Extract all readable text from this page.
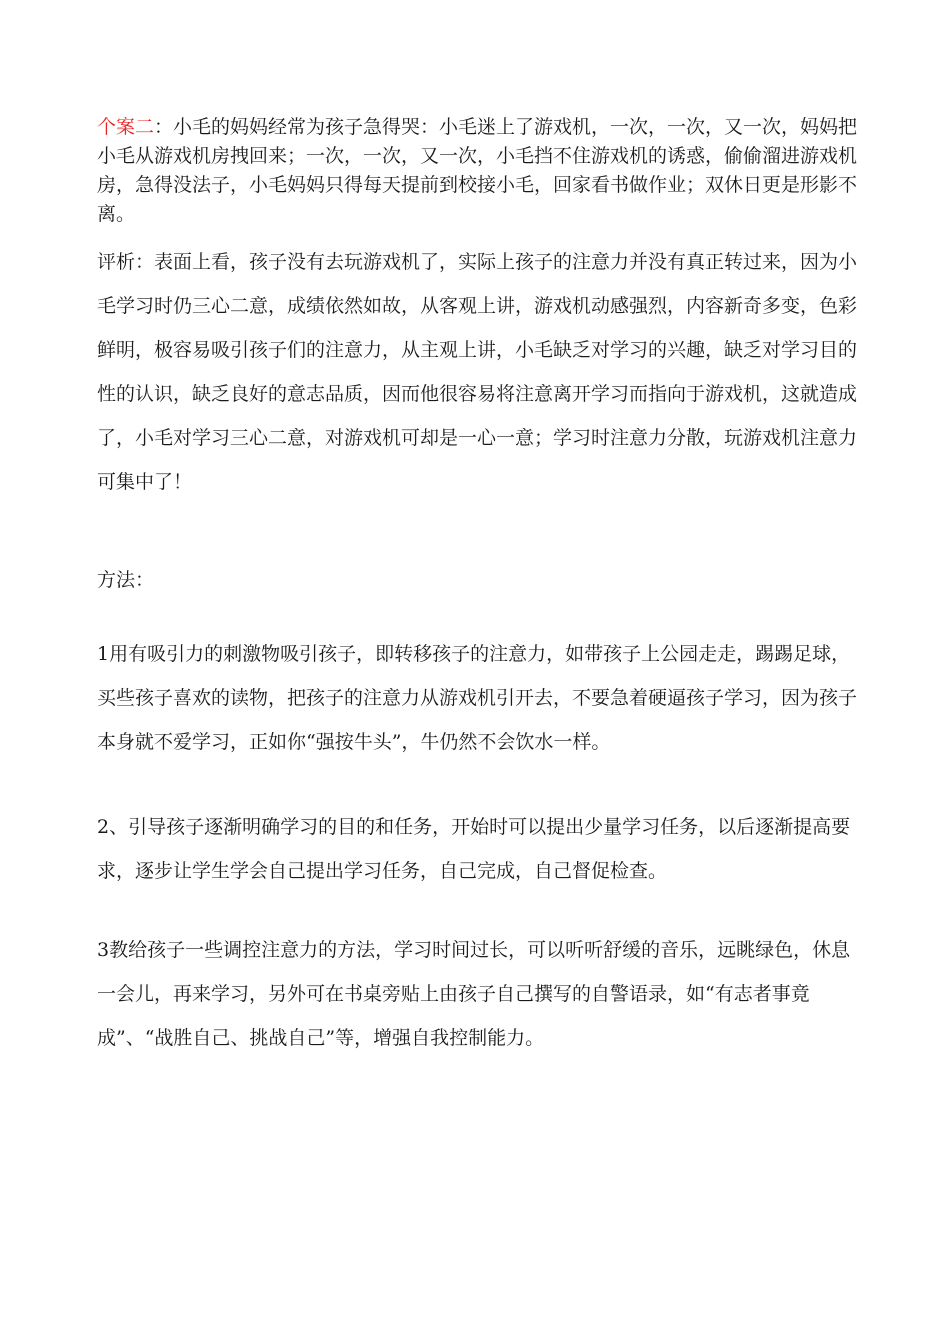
个案二：小毛的妈妈经常为孩子急得哭：小毛迷上了游戏机，一次，一次，又一次，妈妈把小毛从游戏机房拽回来；一次，一次，又一次，小毛挡不住游戏机的诱惑，偷偷溜进游戏机房，急得没法子，小毛妈妈只得每天提前到校接小毛，回家看书做作业；双休日更是形影不离。

评析：表面上看，孩子没有去玩游戏机了，实际上孩子的注意力并没有真正转过来，因为小毛学习时仍三心二意，成绩依然如故，从客观上讲，游戏机动感强烈，内容新奇多变，色彩鲜明，极容易吸引孩子们的注意力，从主观上讲，小毛缺乏对学习的兴趣，缺乏对学习目的性的认识，缺乏良好的意志品质，因而他很容易将注意离开学习而指向于游戏机，这就造成了，小毛对学习三心二意，对游戏机可却是一心一意；学习时注意力分散，玩游戏机注意力可集中了！

方法：

1用有吸引力的刺激物吸引孩子，即转移孩子的注意力，如带孩子上公园走走，踢踢足球，买些孩子喜欢的读物，把孩子的注意力从游戏机引开去，不要急着硬逼孩子学习，因为孩子本身就不爱学习，正如你“强按牛头”，牛仍然不会饮水一样。

2、引导孩子逐渐明确学习的目的和任务，开始时可以提出少量学习任务，以后逐渐提高要求，逐步让学生学会自己提出学习任务，自己完成，自己督促检查。

3教给孩子一些调控注意力的方法，学习时间过长，可以听听舒缓的音乐，远眺绿色，休息一会儿，再来学习，另外可在书桌旁贴上由孩子自己撰写的自警语录，如“有志者事竟成”、“战胜自己、挑战自己”等，增强自我控制能力。
